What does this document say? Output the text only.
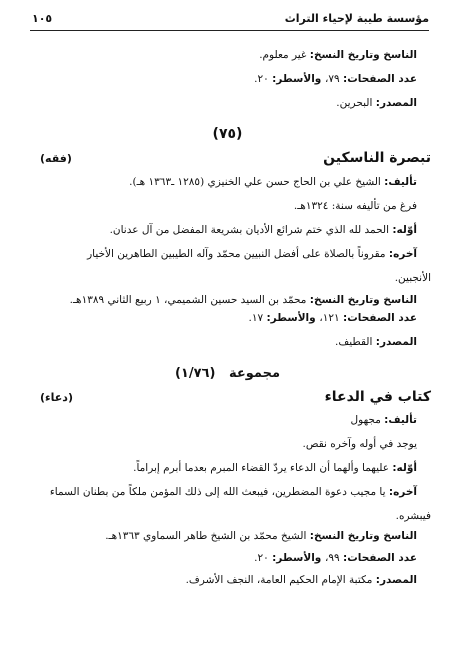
١٠٥	مؤسسة طيبة لإحياء التراث
الناسخ وتاريخ النسخ: غير معلوم.
عدد الصفحات: ٧٩، والأسطر: ٢٠.
المصدر: البحرين.
(٧٥)
تبصرة الناسكين
(فقه)
تأليف: الشيخ علي بن الحاج حسن علي الخنيزي (١٢٨٥ ـ١٣٦٣ هـ).
فرغ من تأليفه سنة: ١٣٢٤هـ.
أوّله: الحمد لله الذي ختم شرائع الأديان بشريعة المفضل من آل عدنان.
آخره: مقروناً بالصلاة على أفضل النبيين محمّد وآله الطيبين الطاهرين الأخيار
الأنجبين.
الناسخ وتاريخ النسخ: محمّد بن السيد حسين الشميمي، ١ ربيع الثاني ١٣٨٩هـ.
عدد الصفحات: ١٢١، والأسطر: ١٧.
المصدر: القطيف.
مجموعة   (١/٧٦)
كتاب في الدعاء
(دعاء)
تأليف: مجهول
يوجد في أوله وآخره نقص.
أوّله: عليهما وألهما أن الدعاء يردّ القضاء المبرم بعدما أبرم إبراماً.
آخره: يا مجيب دعوة المضطرين، فيبعث الله إلى ذلك المؤمن ملكاً من بطنان السماء
فيبشره.
الناسخ وتاريخ النسخ: الشيخ محمّد بن الشيخ طاهر السماوي ١٣٦٣هـ.
عدد الصفحات: ٩٩، والأسطر: ٢٠.
المصدر: مكتبة الإمام الحكيم العامة، النجف الأشرف.
